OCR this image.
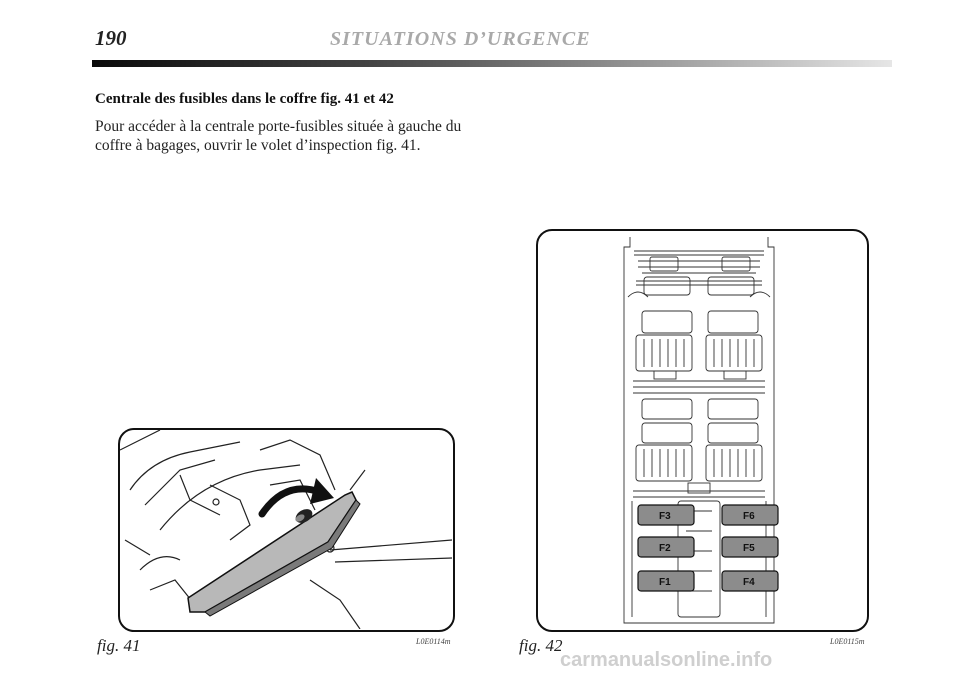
190	SITUATIONS D’URGENCE
Centrale des fusibles dans le coffre fig. 41 et 42
Pour accéder à la centrale porte-fusibles située à gauche du coffre à bagages, ouvrir le volet d’inspection fig. 41.
fig. 41	L0E0114m
F3
F2
F1
F6
F5
F4
fig. 42	L0E0115m
carmanualsonline.info
